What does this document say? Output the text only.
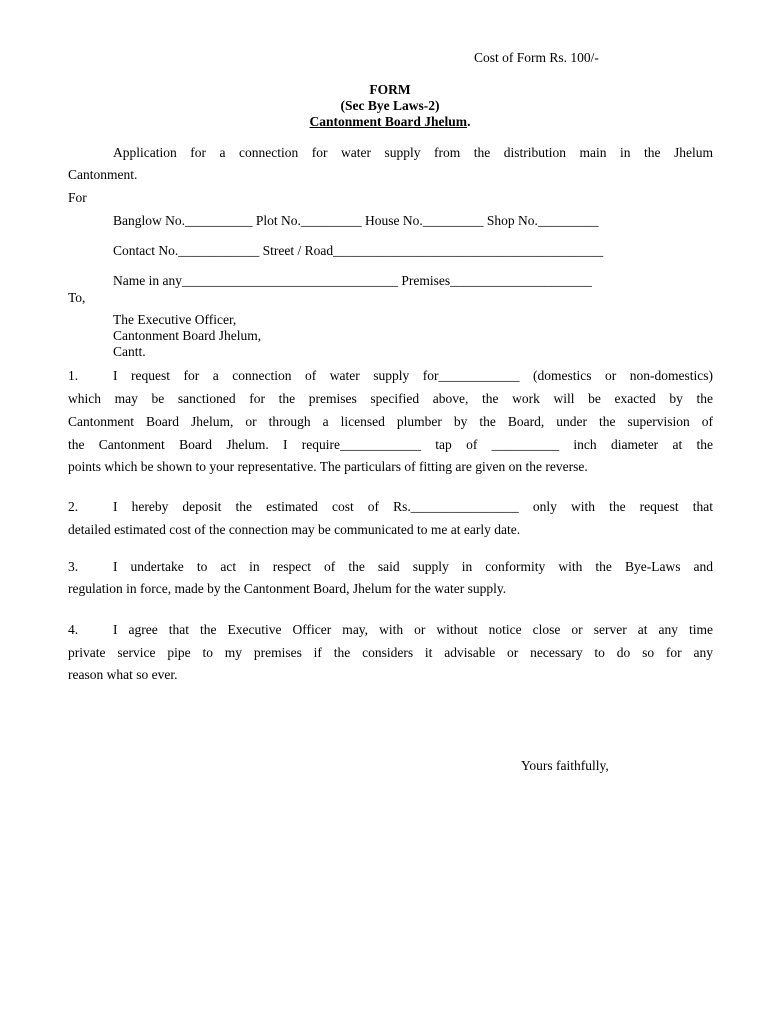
Cost of Form Rs. 100/-
FORM
(Sec Bye Laws-2)
Cantonment Board Jhelum.
Application for a connection for water supply from the distribution main in the Jhelum
Cantonment.
For
Banglow No.__________ Plot No._________ House No._________ Shop No._________
Contact No.____________ Street / Road________________________________________
Name in any________________________________ Premises_____________________
To,
The Executive Officer,
Cantonment Board Jhelum,
Cantt.
1.	I request for a connection of water supply for____________ (domestics or non-domestics)
which may be sanctioned for the premises specified above, the work will be exacted by the
Cantonment Board Jhelum, or through a licensed plumber by the Board, under the supervision of
the Cantonment Board Jhelum. I require____________ tap of __________ inch diameter at the
points which be shown to your representative. The particulars of fitting are given on the reverse.
2.	I hereby deposit the estimated cost of Rs.________________ only with the request that
detailed estimated cost of the connection may be communicated to me at early date.
3.	I undertake to act in respect of the said supply in conformity with the Bye-Laws and
regulation in force, made by the Cantonment Board, Jhelum for the water supply.
4.	I agree that the Executive Officer may, with or without notice close or server at any time
private service pipe to my premises if the considers it advisable or necessary to do so for any
reason what so ever.
Yours faithfully,
